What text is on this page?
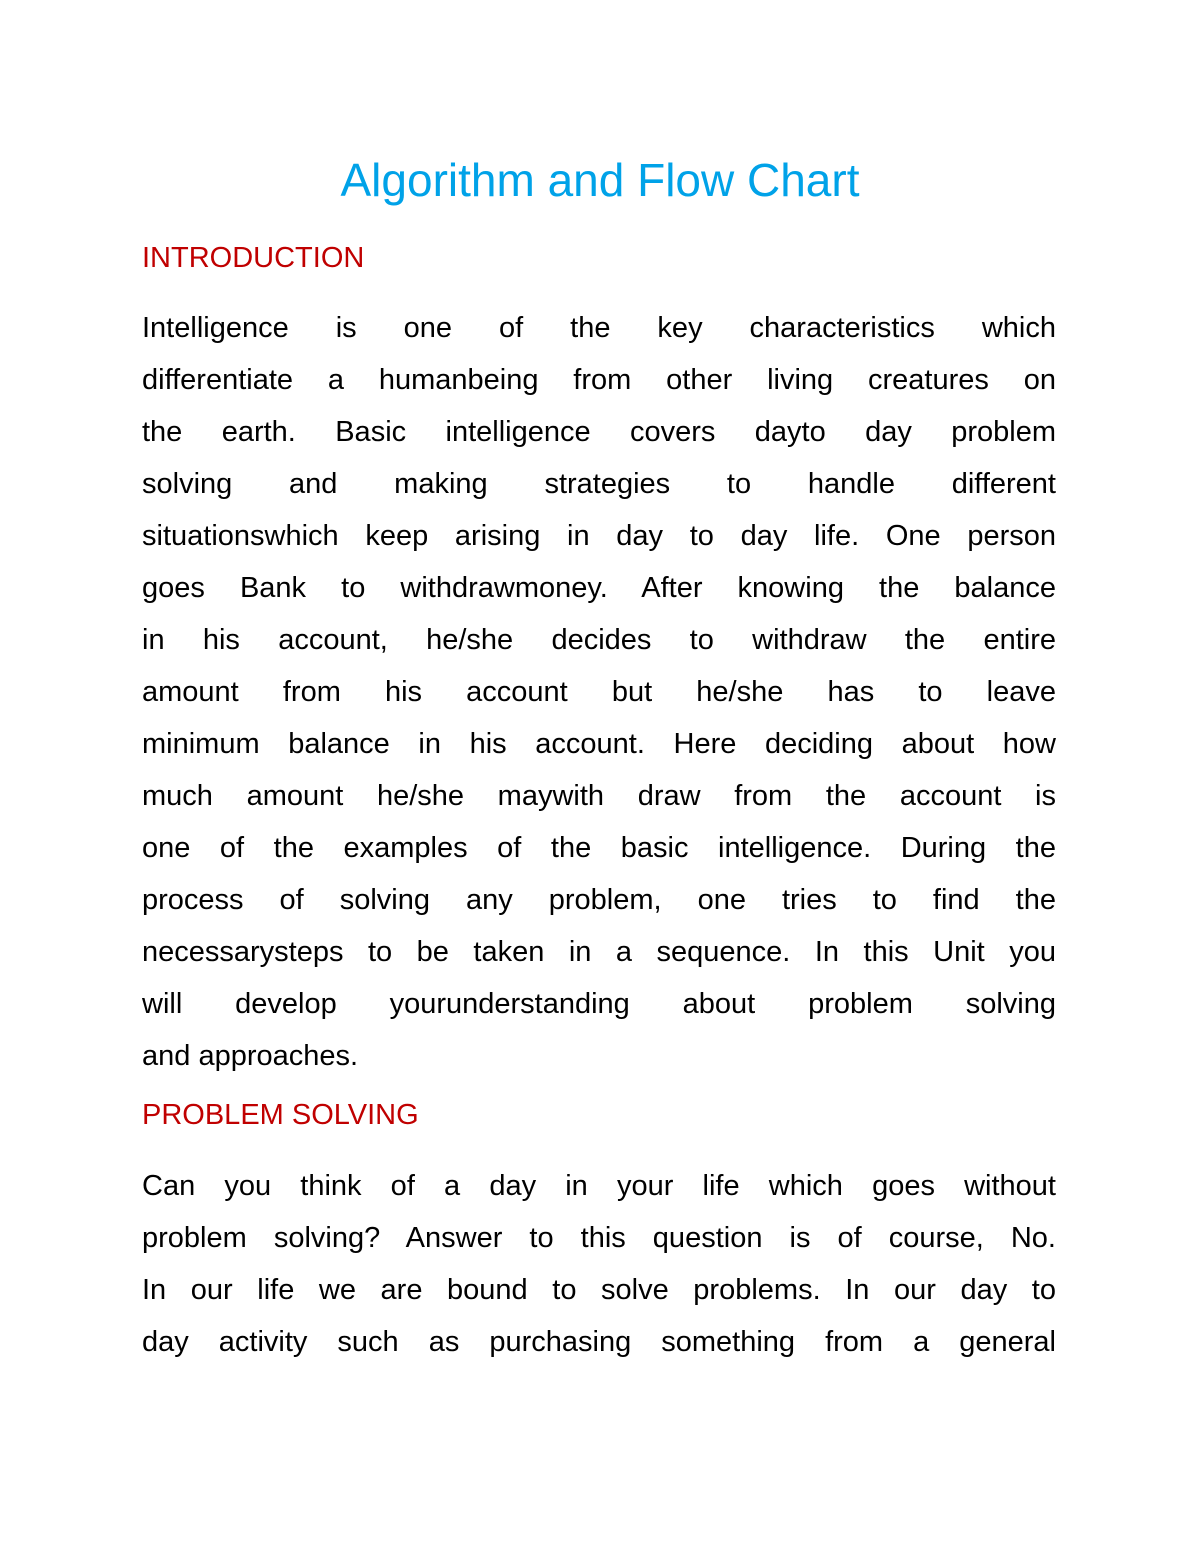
Algorithm and Flow Chart
INTRODUCTION
Intelligence is one of the key characteristics which
differentiate a humanbeing from other living creatures on
the earth. Basic intelligence covers dayto day problem
solving and making strategies to handle different
situationswhich keep arising in day to day life. One person
goes Bank to withdrawmoney. After knowing the balance
in his account, he/she decides to withdraw the entire
amount from his account but he/she has to leave
minimum balance in his account. Here deciding about how
much amount he/she maywith draw from the account is
one of the examples of the basic intelligence. During the
process of solving any problem, one tries to find the
necessarysteps to be taken in a sequence. In this Unit you
will develop yourunderstanding about problem solving
and approaches.
PROBLEM SOLVING
Can you think of a day in your life which goes without
problem solving? Answer to this question is of course, No.
In our life we are bound to solve problems. In our day to
day activity such as purchasing something from a general
